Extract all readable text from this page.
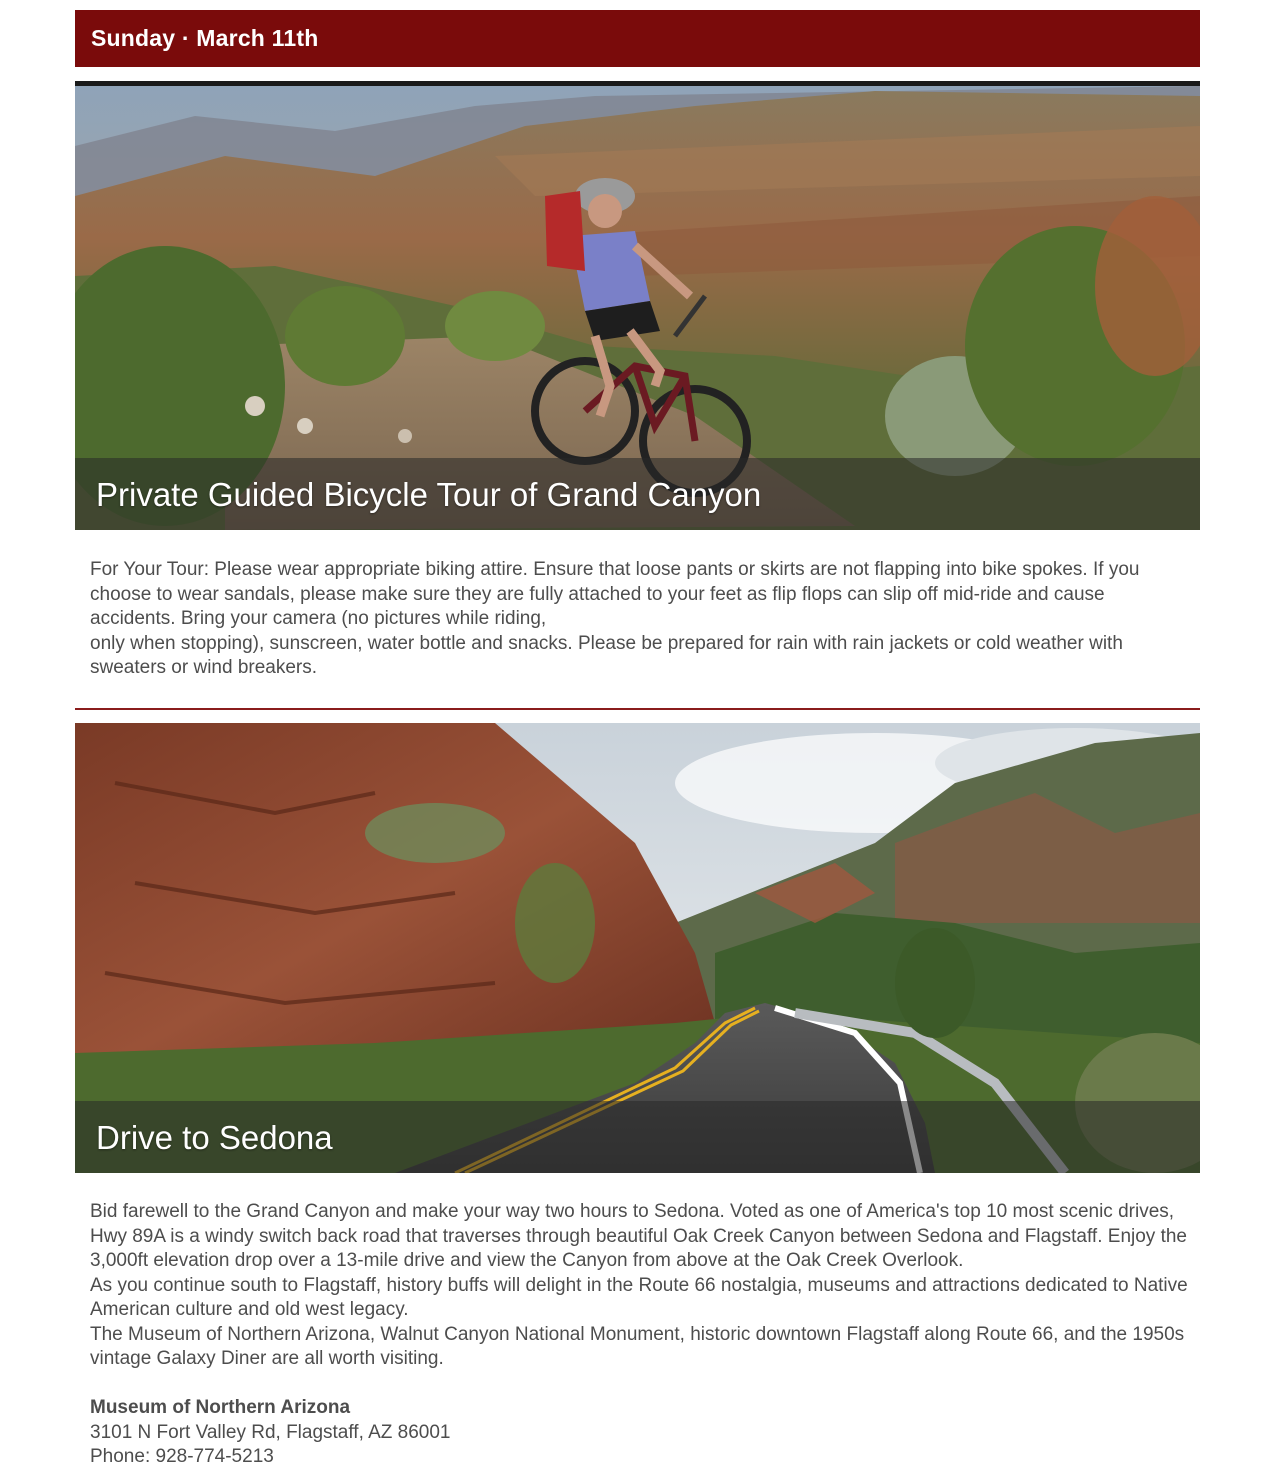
Sunday · March 11th
Private Guided Bicycle Tour of Grand Canyon

For Your Tour: Please wear appropriate biking attire. Ensure that loose pants or skirts are not flapping into bike spokes. If you choose to wear sandals, please make sure they are fully attached to your feet as flip flops can slip off mid-ride and cause accidents. Bring your camera (no pictures while riding,

only when stopping), sunscreen, water bottle and snacks. Please be prepared for rain with rain jackets or cold weather with sweaters or wind breakers.

Drive to Sedona

Bid farewell to the Grand Canyon and make your way two hours to Sedona. Voted as one of America's top 10 most scenic drives, Hwy 89A is a windy switch back road that traverses through beautiful Oak Creek Canyon between Sedona and Flagstaff. Enjoy the 3,000ft elevation drop over a 13-mile drive and view the Canyon from above at the Oak Creek Overlook.

As you continue south to Flagstaff, history buffs will delight in the Route 66 nostalgia, museums and attractions dedicated to Native American culture and old west legacy.

The Museum of Northern Arizona, Walnut Canyon National Monument, historic downtown Flagstaff along Route 66, and the 1950s vintage Galaxy Diner are all worth visiting.

Museum of Northern Arizona

3101 N Fort Valley Rd, Flagstaff, AZ 86001

Phone: 928-774-5213
